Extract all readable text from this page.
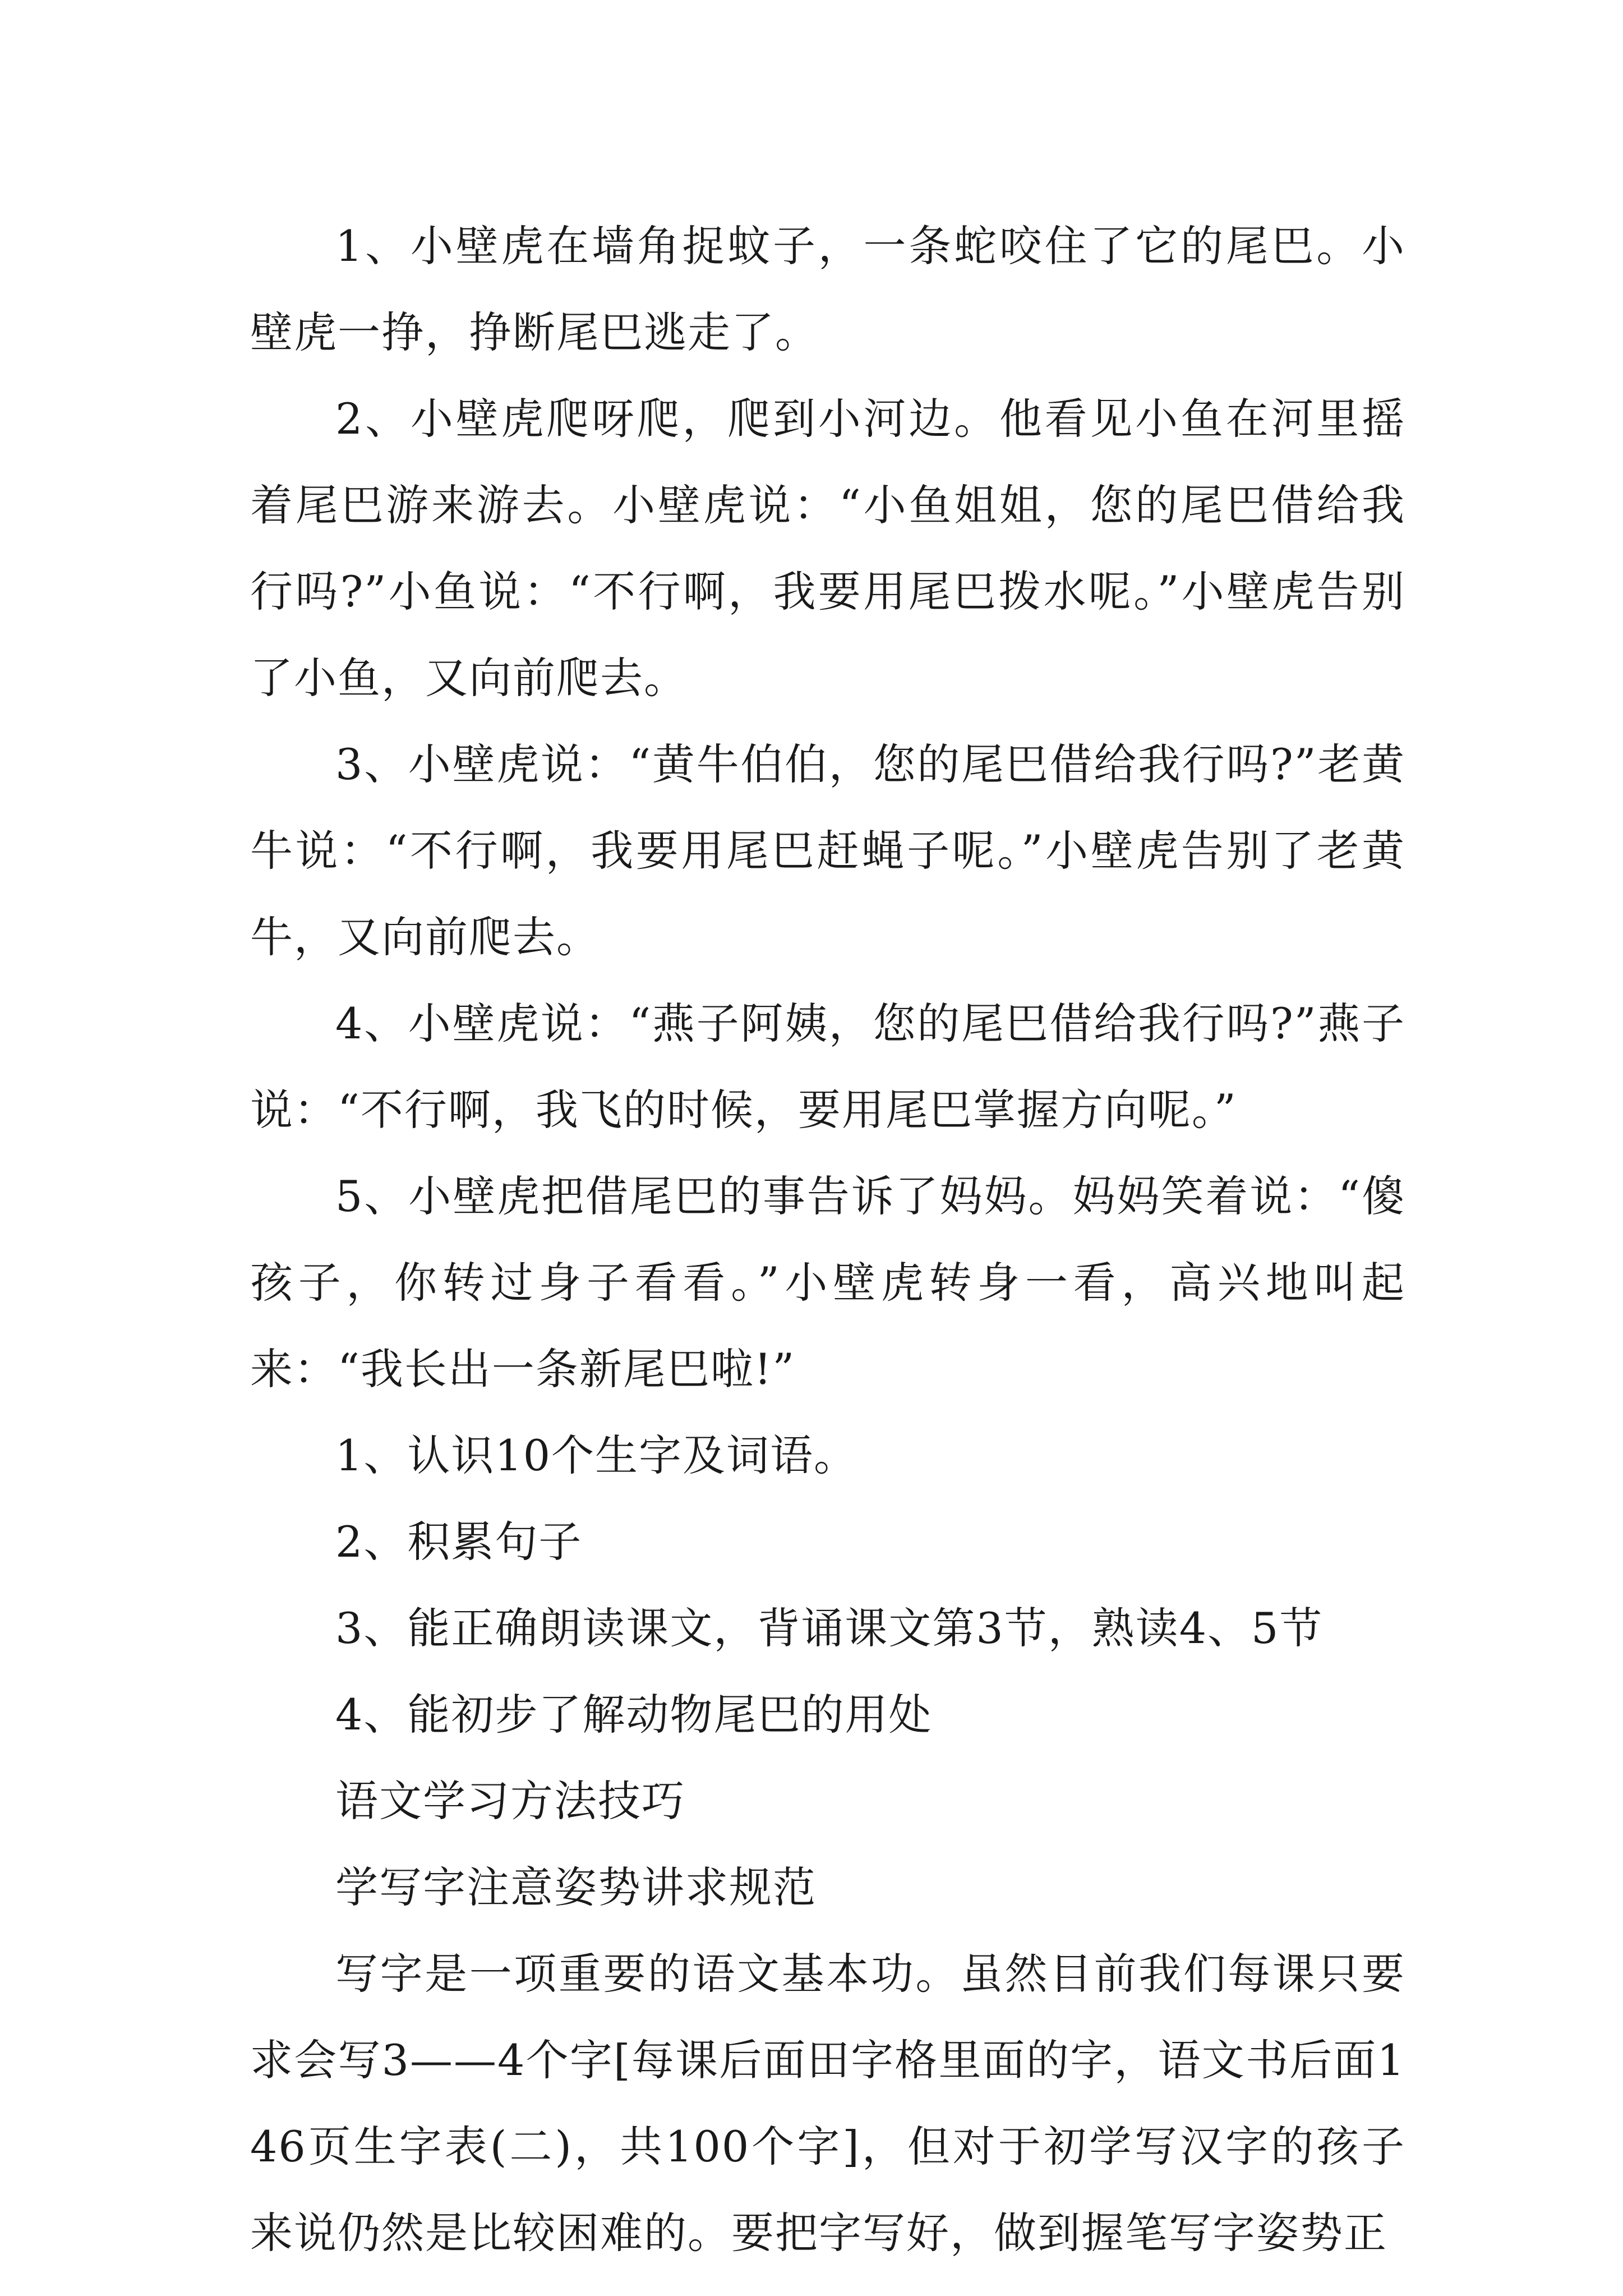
1、小壁虎在墙角捉蚊子，一条蛇咬住了它的尾巴。小壁虎一挣，挣断尾巴逃走了。

2、小壁虎爬呀爬，爬到小河边。他看见小鱼在河里摇着尾巴游来游去。小壁虎说：“小鱼姐姐，您的尾巴借给我行吗?”小鱼说：“不行啊，我要用尾巴拨水呢。”小壁虎告别了小鱼，又向前爬去。

3、小壁虎说：“黄牛伯伯，您的尾巴借给我行吗?”老黄牛说：“不行啊，我要用尾巴赶蝇子呢。”小壁虎告别了老黄牛，又向前爬去。

4、小壁虎说：“燕子阿姨，您的尾巴借给我行吗?”燕子说：“不行啊，我飞的时候，要用尾巴掌握方向呢。”

5、小壁虎把借尾巴的事告诉了妈妈。妈妈笑着说：“傻孩子，你转过身子看看。”小壁虎转身一看，高兴地叫起来：“我长出一条新尾巴啦!”

1、认识10个生字及词语。

2、积累句子

3、能正确朗读课文，背诵课文第3节，熟读4、5节

4、能初步了解动物尾巴的用处

语文学习方法技巧

学写字注意姿势讲求规范

写字是一项重要的语文基本功。虽然目前我们每课只要求会写3——4个字[每课后面田字格里面的字，语文书后面146页生字表(二)，共100个字]，但对于初学写汉字的孩子来说仍然是比较困难的。要把字写好，做到握笔写字姿势正
